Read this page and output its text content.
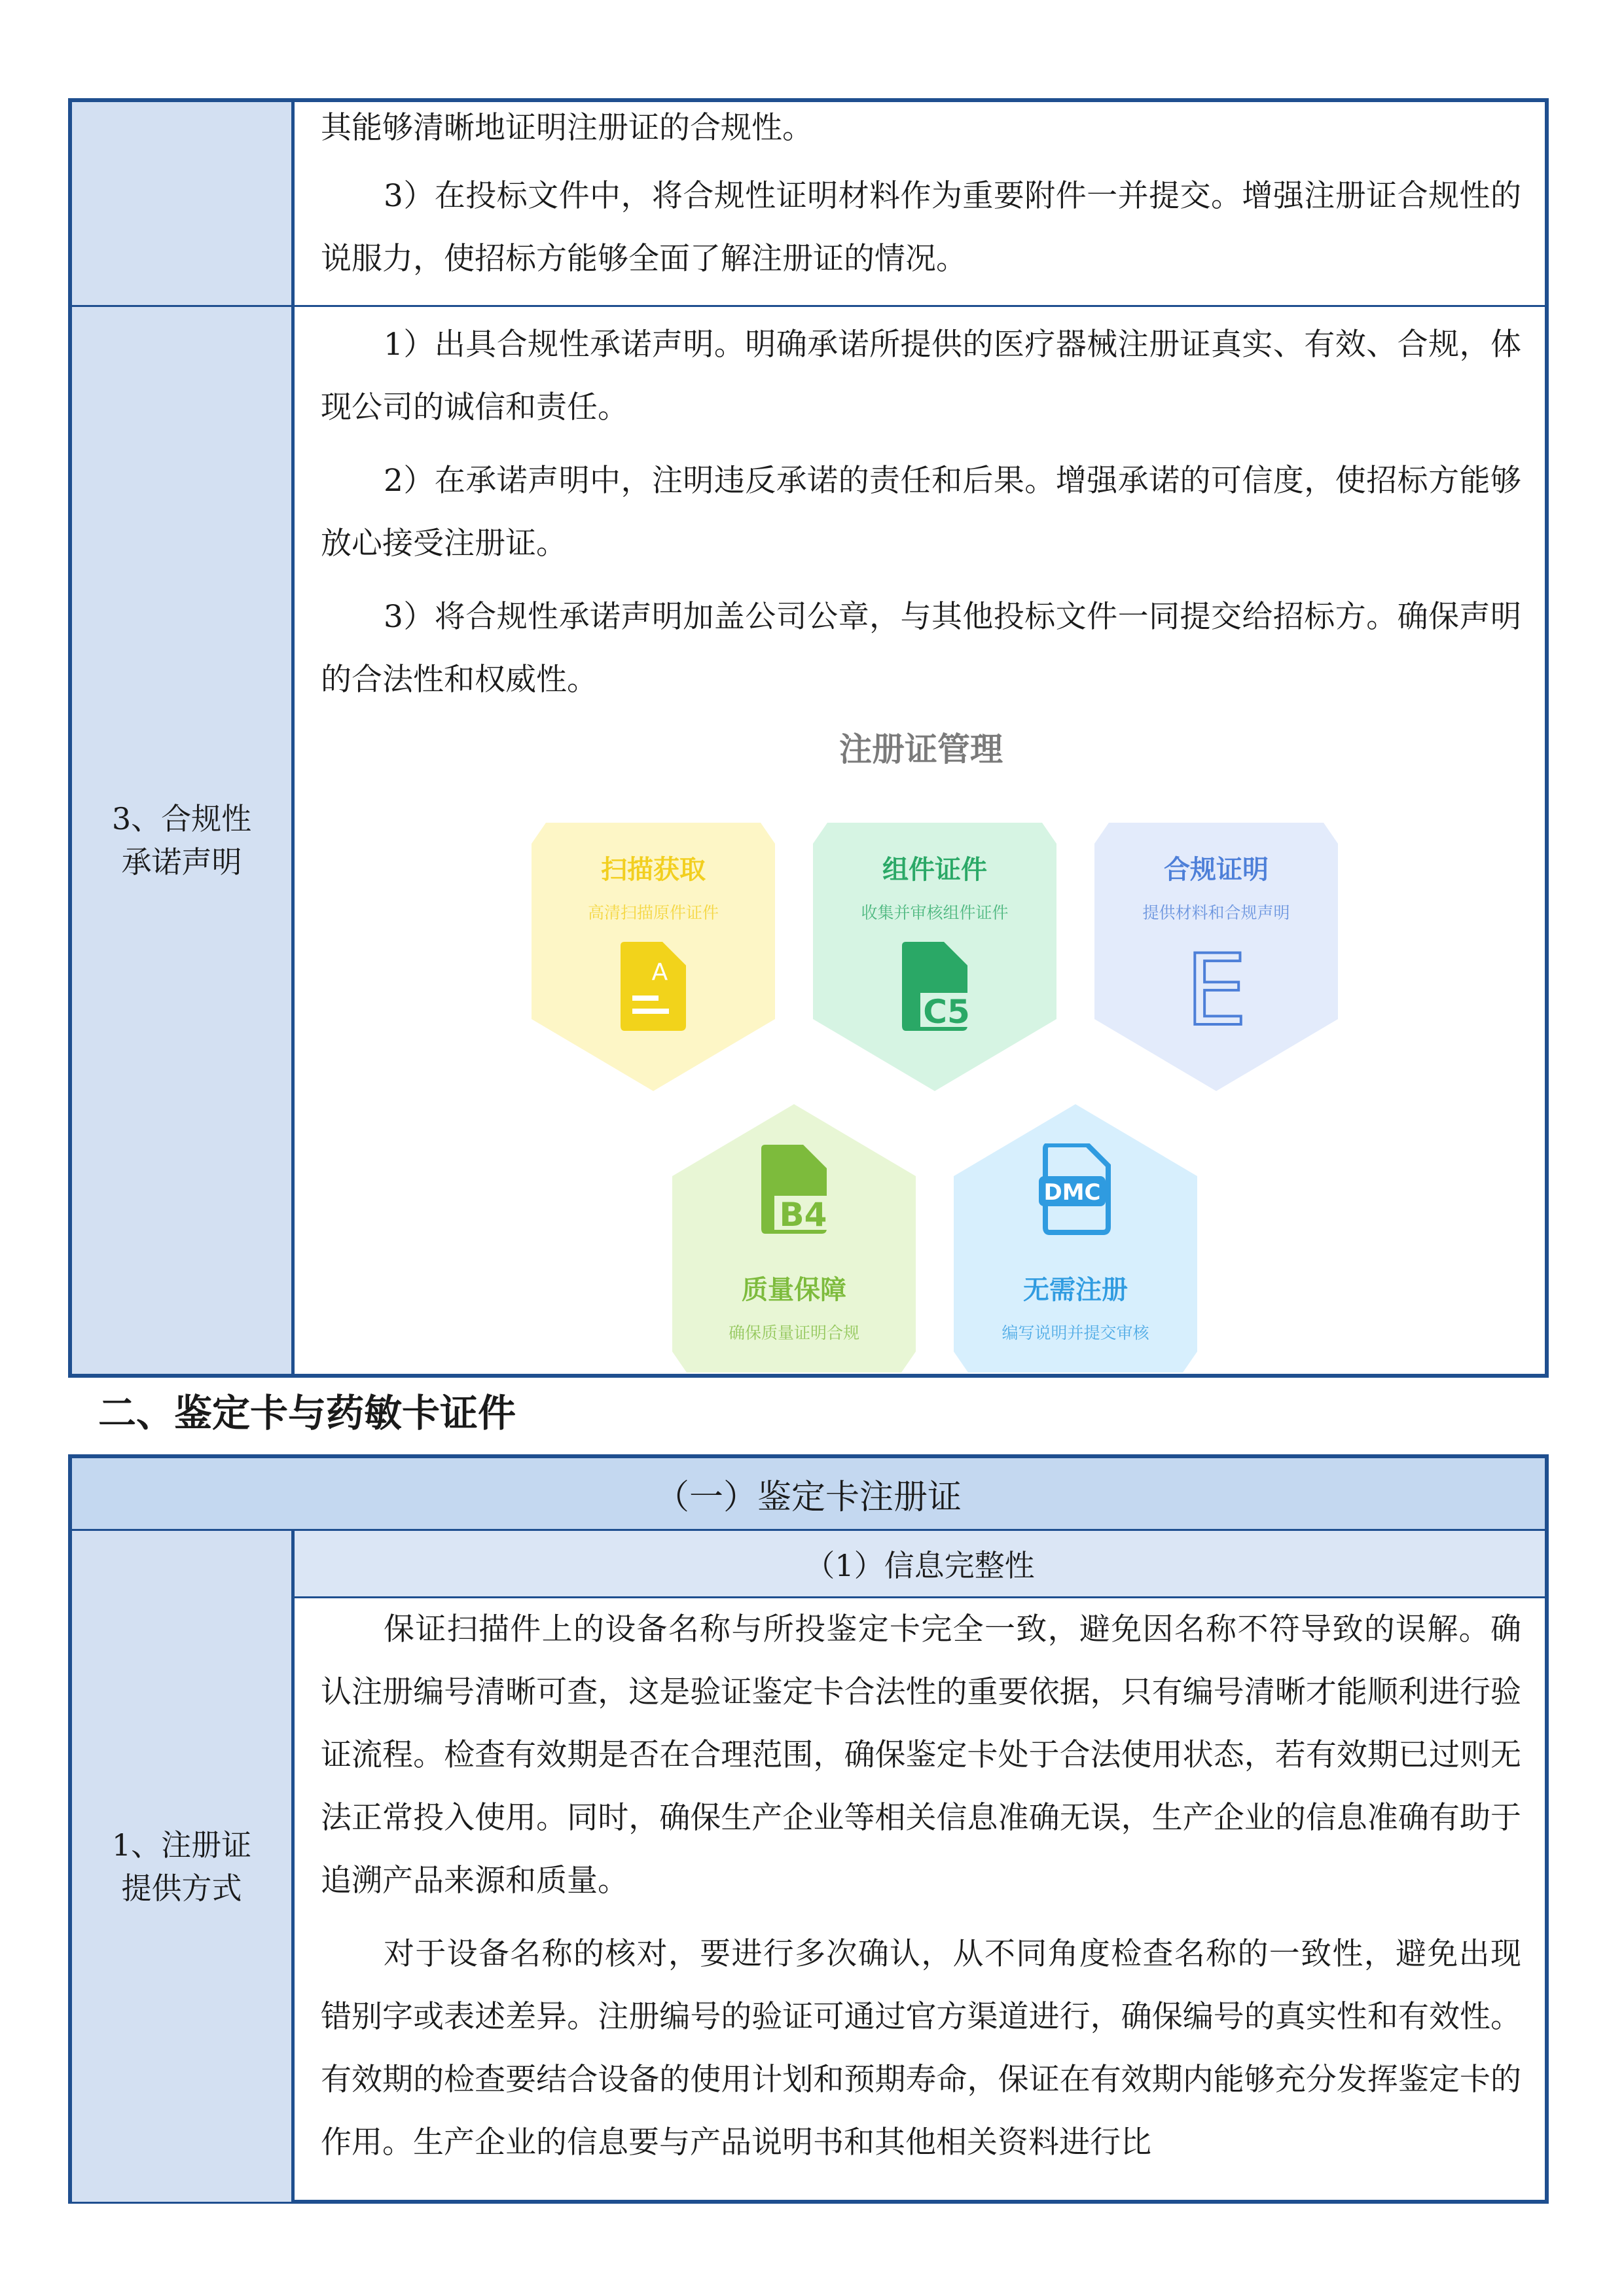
其能够清晰地证明注册证的合规性。

3）在投标文件中，将合规性证明材料作为重要附件一并提交。增强注册证合规性的说服力，使招标方能够全面了解注册证的情况。

3、合规性
承诺声明

1）出具合规性承诺声明。明确承诺所提供的医疗器械注册证真实、有效、合规，体现公司的诚信和责任。

2）在承诺声明中，注明违反承诺的责任和后果。增强承诺的可信度，使招标方能够放心接受注册证。

3）将合规性承诺声明加盖公司公章，与其他投标文件一同提交给招标方。确保声明的合法性和权威性。

注册证管理
扫描获取
高清扫描原件证件
A
组件证件
收集并审核组件证件
C5
合规证明
提供材料和合规声明
E
B4
质量保障
确保质量证明合规
DMC
无需注册
编写说明并提交审核
二、鉴定卡与药敏卡证件
（一）鉴定卡注册证
1、注册证
提供方式
（1）信息完整性

保证扫描件上的设备名称与所投鉴定卡完全一致，避免因名称不符导致的误解。确认注册编号清晰可查，这是验证鉴定卡合法性的重要依据，只有编号清晰才能顺利进行验证流程。检查有效期是否在合理范围，确保鉴定卡处于合法使用状态，若有效期已过则无法正常投入使用。同时，确保生产企业等相关信息准确无误，生产企业的信息准确有助于追溯产品来源和质量。

对于设备名称的核对，要进行多次确认，从不同角度检查名称的一致性，避免出现错别字或表述差异。注册编号的验证可通过官方渠道进行，确保编号的真实性和有效性。有效期的检查要结合设备的使用计划和预期寿命，保证在有效期内能够充分发挥鉴定卡的作用。生产企业的信息要与产品说明书和其他相关资料进行比
